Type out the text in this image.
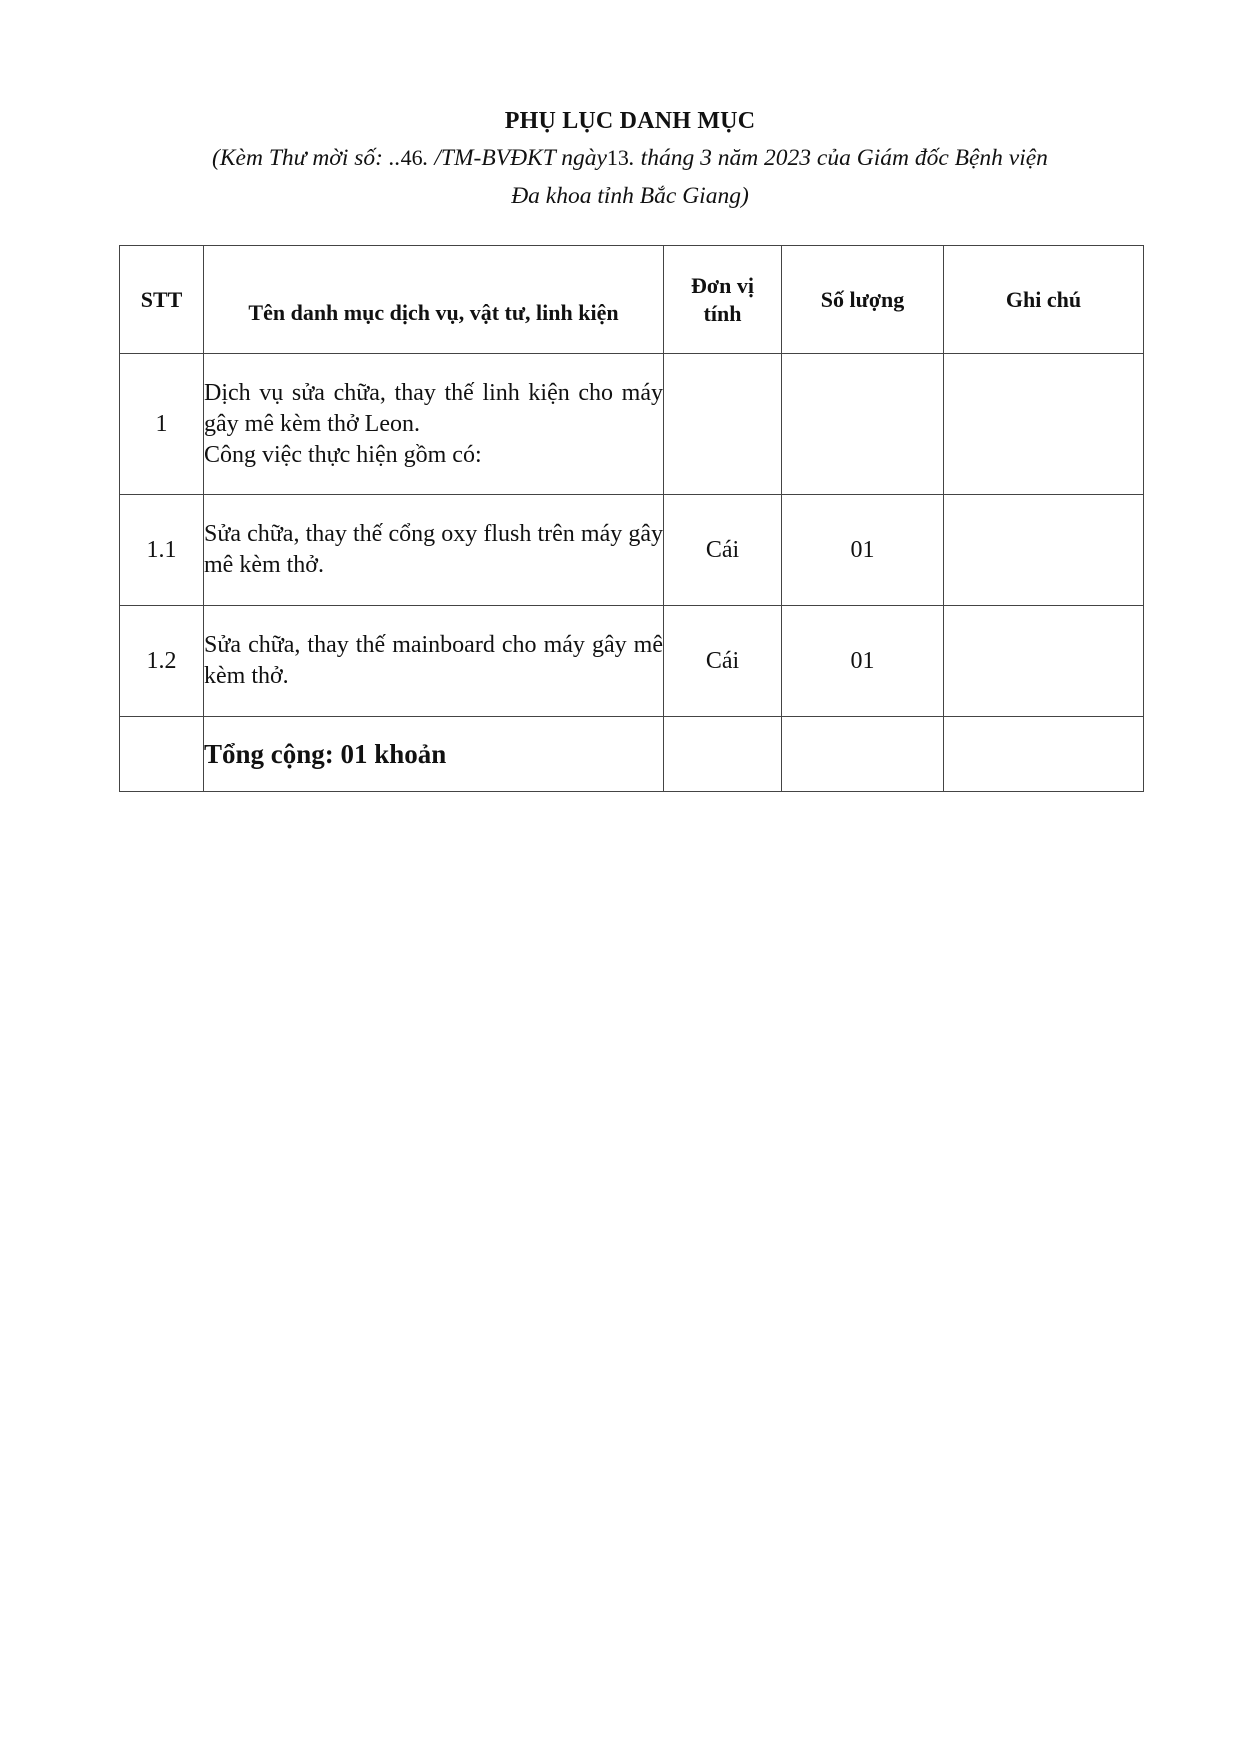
PHỤ LỤC DANH MỤC
(Kèm Thư mời số: ..46. /TM-BVĐKT ngày13. tháng 3 năm 2023 của Giám đốc Bệnh viện
Đa khoa tỉnh Bắc Giang)
STT	Tên danh mục dịch vụ, vật tư, linh kiện	Đơn vị tính	Số lượng	Ghi chú
1	Dịch vụ sửa chữa, thay thế linh kiện cho máy gây mê kèm thở Leon.
Công việc thực hiện gồm có:			

1.1	Sửa chữa, thay thế cổng oxy flush trên máy gây mê kèm thở.	Cái	01	
1.2	Sửa chữa, thay thế mainboard cho máy gây mê kèm thở.	Cái	01	
	Tổng cộng: 01 khoản			
